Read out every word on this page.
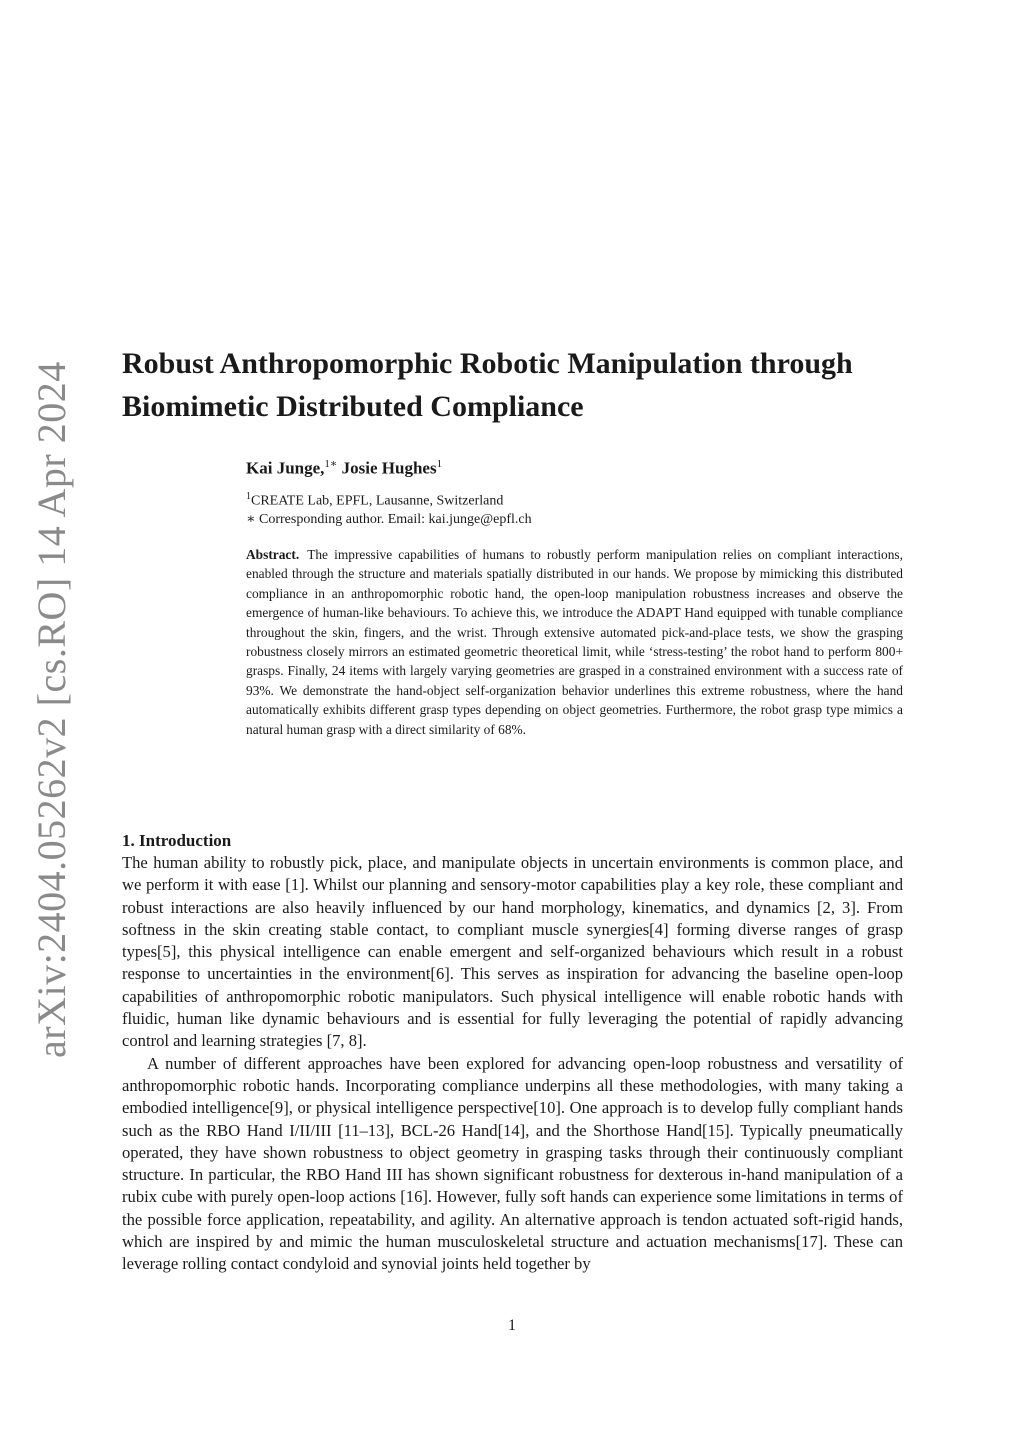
arXiv:2404.05262v2 [cs.RO] 14 Apr 2024 Robust Anthropomorphic Robotic Manipulation through Biomimetic Distributed Compliance

Kai Junge,$^{1∗}$ Josie Hughes$^1$

$^1$CREATE Lab, EPFL, Lausanne, Switzerland

∗ Corresponding author. Email: kai.junge@epfl.ch

Abstract. The impressive capabilities of humans to robustly perform manipulation relies on compliant interactions, enabled through the structure and materials spatially distributed in our hands. We propose by mimicking this distributed compliance in an anthropomorphic robotic hand, the open-loop manipulation robustness increases and observe the emergence of human-like behaviours. To achieve this, we introduce the ADAPT Hand equipped with tunable compliance throughout the skin, fingers, and the wrist. Through extensive automated pick-and-place tests, we show the grasping robustness closely mirrors an estimated geometric theoretical limit, while ‘stress-testing’ the robot hand to perform 800+ grasps. Finally, 24 items with largely varying geometries are grasped in a constrained environment with a success rate of 93%. We demonstrate the hand-object self-organization behavior underlines this extreme robustness, where the hand automatically exhibits different grasp types depending on object geometries. Furthermore, the robot grasp type mimics a natural human grasp with a direct similarity of 68%.

1. Introduction

The human ability to robustly pick, place, and manipulate objects in uncertain environments is common place, and we perform it with ease [1]. Whilst our planning and sensory-motor capabilities play a key role, these compliant and robust interactions are also heavily influenced by our hand morphology, kinematics, and dynamics [2, 3]. From softness in the skin creating stable contact, to compliant muscle synergies[4] forming diverse ranges of grasp types[5], this physical intelligence can enable emergent and self-organized behaviours which result in a robust response to uncertainties in the environment[6]. This serves as inspiration for advancing the baseline open-loop capabilities of anthropomorphic robotic manipulators. Such physical intelligence will enable robotic hands with fluidic, human like dynamic behaviours and is essential for fully leveraging the potential of rapidly advancing control and learning strategies [7, 8].

A number of different approaches have been explored for advancing open-loop robustness and versatility of anthropomorphic robotic hands. Incorporating compliance underpins all these methodologies, with many taking a embodied intelligence[9], or physical intelligence perspective[10]. One approach is to develop fully compliant hands such as the RBO Hand I/II/III [11–13], BCL-26 Hand[14], and the Shorthose Hand[15]. Typically pneumatically operated, they have shown robustness to object geometry in grasping tasks through their continuously compliant structure. In particular, the RBO Hand III has shown significant robustness for dexterous in-hand manipulation of a rubix cube with purely open-loop actions [16]. However, fully soft hands can experience some limitations in terms of the possible force application, repeatability, and agility. An alternative approach is tendon actuated soft-rigid hands, which are inspired by and mimic the human musculoskeletal structure and actuation mechanisms[17]. These can leverage rolling contact condyloid and synovial joints held together by

1
